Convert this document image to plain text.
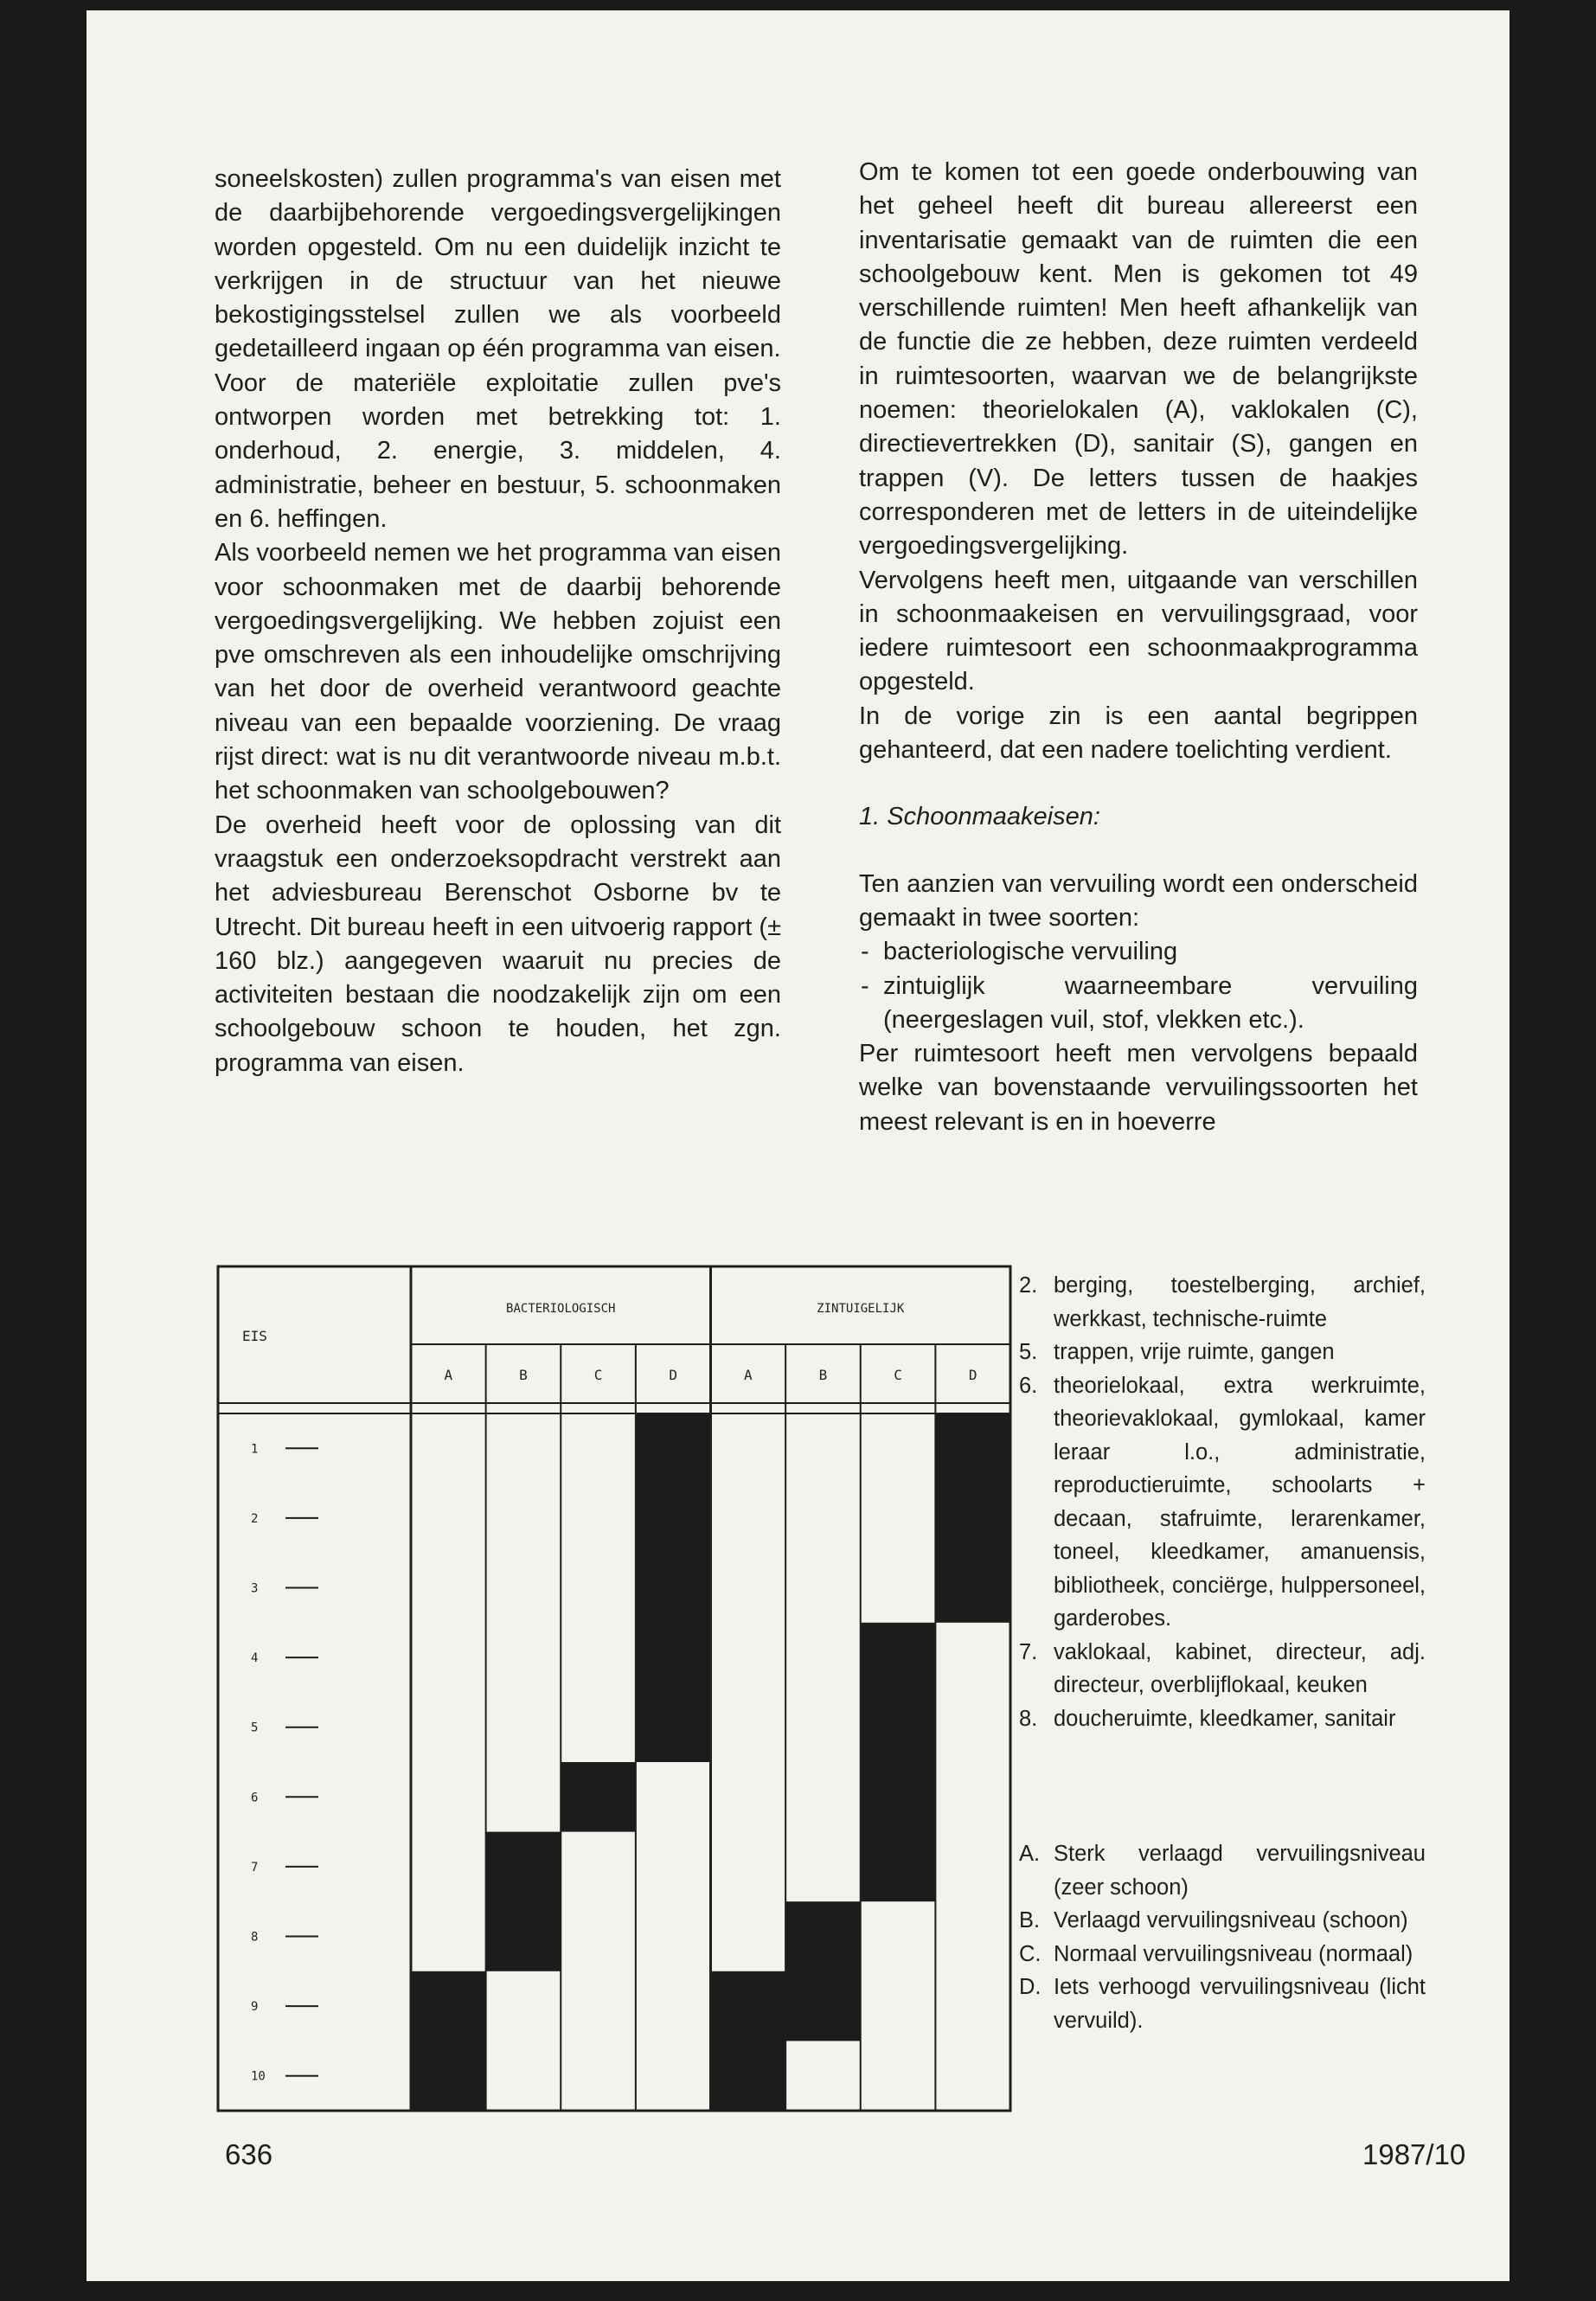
soneelskosten) zullen programma's van eisen met de daarbijbehorende vergoedingsvergelijkingen worden opgesteld. Om nu een duidelijk inzicht te verkrijgen in de structuur van het nieuwe bekostigingsstelsel zullen we als voorbeeld gedetailleerd ingaan op één programma van eisen.

Voor de materiële exploitatie zullen pve's ontworpen worden met betrekking tot: 1. onderhoud, 2. energie, 3. middelen, 4. administratie, beheer en bestuur, 5. schoonmaken en 6. heffingen.

Als voorbeeld nemen we het programma van eisen voor schoonmaken met de daarbij behorende vergoedingsvergelijking. We hebben zojuist een pve omschreven als een inhoudelijke omschrijving van het door de overheid verantwoord geachte niveau van een bepaalde voorziening. De vraag rijst direct: wat is nu dit verantwoorde niveau m.b.t. het schoonmaken van schoolgebouwen?

De overheid heeft voor de oplossing van dit vraagstuk een onderzoeksopdracht verstrekt aan het adviesbureau Berenschot Osborne bv te Utrecht. Dit bureau heeft in een uitvoerig rapport (± 160 blz.) aangegeven waaruit nu precies de activiteiten bestaan die noodzakelijk zijn om een schoolgebouw schoon te houden, het zgn. programma van eisen.

Om te komen tot een goede onderbouwing van het geheel heeft dit bureau allereerst een inventarisatie gemaakt van de ruimten die een schoolgebouw kent. Men is gekomen tot 49 verschillende ruimten! Men heeft afhankelijk van de functie die ze hebben, deze ruimten verdeeld in ruimtesoorten, waarvan we de belangrijkste noemen: theorielokalen (A), vaklokalen (C), directievertrekken (D), sanitair (S), gangen en trappen (V). De letters tussen de haakjes corresponderen met de letters in de uiteindelijke vergoedingsvergelijking.

Vervolgens heeft men, uitgaande van verschillen in schoonmaakeisen en vervuilingsgraad, voor iedere ruimtesoort een schoonmaakprogramma opgesteld.

In de vorige zin is een aantal begrippen gehanteerd, dat een nadere toelichting verdient.

1. Schoonmaakeisen:

Ten aanzien van vervuiling wordt een onderscheid gemaakt in twee soorten:

- bacteriologische vervuiling
- zintuiglijk waarneembare vervuiling (neergeslagen vuil, stof, vlekken etc.).

Per ruimtesoort heeft men vervolgens bepaald welke van bovenstaande vervuilingssoorten het meest relevant is en in hoeverre

EIS
BACTERIOLOGISCH	ZINTUIGELIJK
A	B	C	D	A	B	C	D
1
2
3
4
5
6
7
8
9
10
2. berging, toestelberging, archief, werkkast, technische-ruimte
5. trappen, vrije ruimte, gangen
6. theorielokaal, extra werkruimte, theorievaklokaal, gymlokaal, kamer leraar l.o., administratie, reproductieruimte, schoolarts + decaan, stafruimte, lerarenkamer, toneel, kleedkamer, amanuensis, bibliotheek, conciërge, hulppersoneel, garderobes.
7. vaklokaal, kabinet, directeur, adj. directeur, overblijflokaal, keuken
8. doucheruimte, kleedkamer, sanitair
A. Sterk verlaagd vervuilingsniveau (zeer schoon)
B. Verlaagd vervuilingsniveau (schoon)
C. Normaal vervuilingsniveau (normaal)
D. Iets verhoogd vervuilingsniveau (licht vervuild).
636	1987/10
